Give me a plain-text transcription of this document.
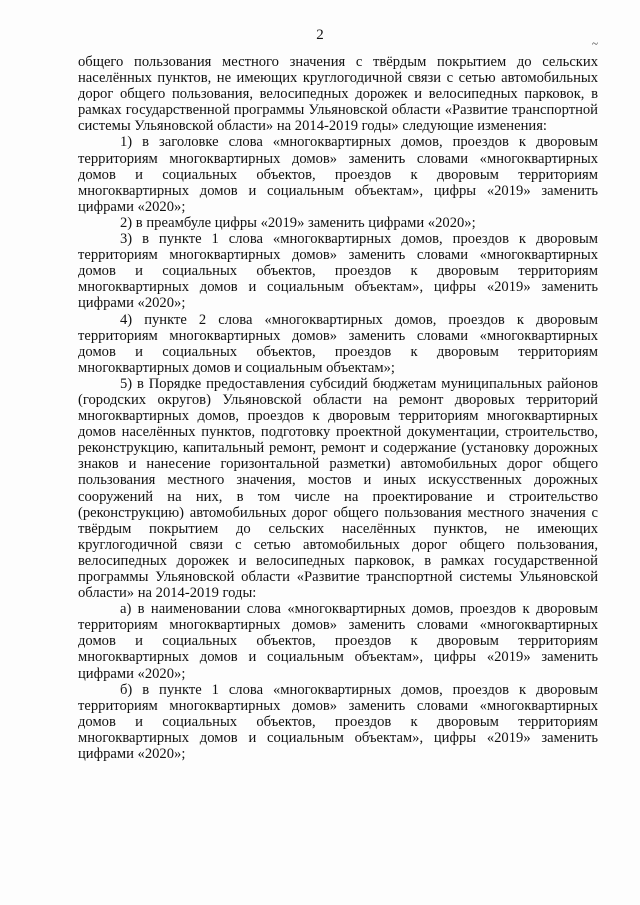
2
~

общего пользования местного значения с твёрдым покрытием до сельских населённых пунктов, не имеющих круглогодичной связи с сетью автомобильных дорог общего пользования, велосипедных дорожек и велосипедных парковок, в рамках государственной программы Ульяновской области «Развитие транспортной системы Ульяновской области» на 2014-2019 годы» следующие изменения:

1) в заголовке слова «многоквартирных домов, проездов к дворовым территориям многоквартирных домов» заменить словами «многоквартирных домов и социальных объектов, проездов к дворовым территориям многоквартирных домов и социальным объектам», цифры «2019» заменить цифрами «2020»;

2) в преамбуле цифры «2019» заменить цифрами «2020»;

3) в пункте 1 слова «многоквартирных домов, проездов к дворовым территориям многоквартирных домов» заменить словами «многоквартирных домов и социальных объектов, проездов к дворовым территориям многоквартирных домов и социальным объектам», цифры «2019» заменить цифрами «2020»;

4) пункте 2 слова «многоквартирных домов, проездов к дворовым территориям многоквартирных домов» заменить словами «многоквартирных домов и социальных объектов, проездов к дворовым территориям многоквартирных домов и социальным объектам»;

5) в Порядке предоставления субсидий бюджетам муниципальных районов (городских округов) Ульяновской области на ремонт дворовых территорий многоквартирных домов, проездов к дворовым территориям многоквартирных домов населённых пунктов, подготовку проектной документации, строительство, реконструкцию, капитальный ремонт, ремонт и содержание (установку дорожных знаков и нанесение горизонтальной разметки) автомобильных дорог общего пользования местного значения, мостов и иных искусственных дорожных сооружений на них, в том числе на проектирование и строительство (реконструкцию) автомобильных дорог общего пользования местного значения с твёрдым покрытием до сельских населённых пунктов, не имеющих круглогодичной связи с сетью автомобильных дорог общего пользования, велосипедных дорожек и велосипедных парковок, в рамках государственной программы Ульяновской области «Развитие транспортной системы Ульяновской области» на 2014-2019 годы:

а) в наименовании слова «многоквартирных домов, проездов к дворовым территориям многоквартирных домов» заменить словами «многоквартирных домов и социальных объектов, проездов к дворовым территориям многоквартирных домов и социальным объектам», цифры «2019» заменить цифрами «2020»;

б) в пункте 1 слова «многоквартирных домов, проездов к дворовым территориям многоквартирных домов» заменить словами «многоквартирных домов и социальных объектов, проездов к дворовым территориям многоквартирных домов и социальным объектам», цифры «2019» заменить цифрами «2020»;
